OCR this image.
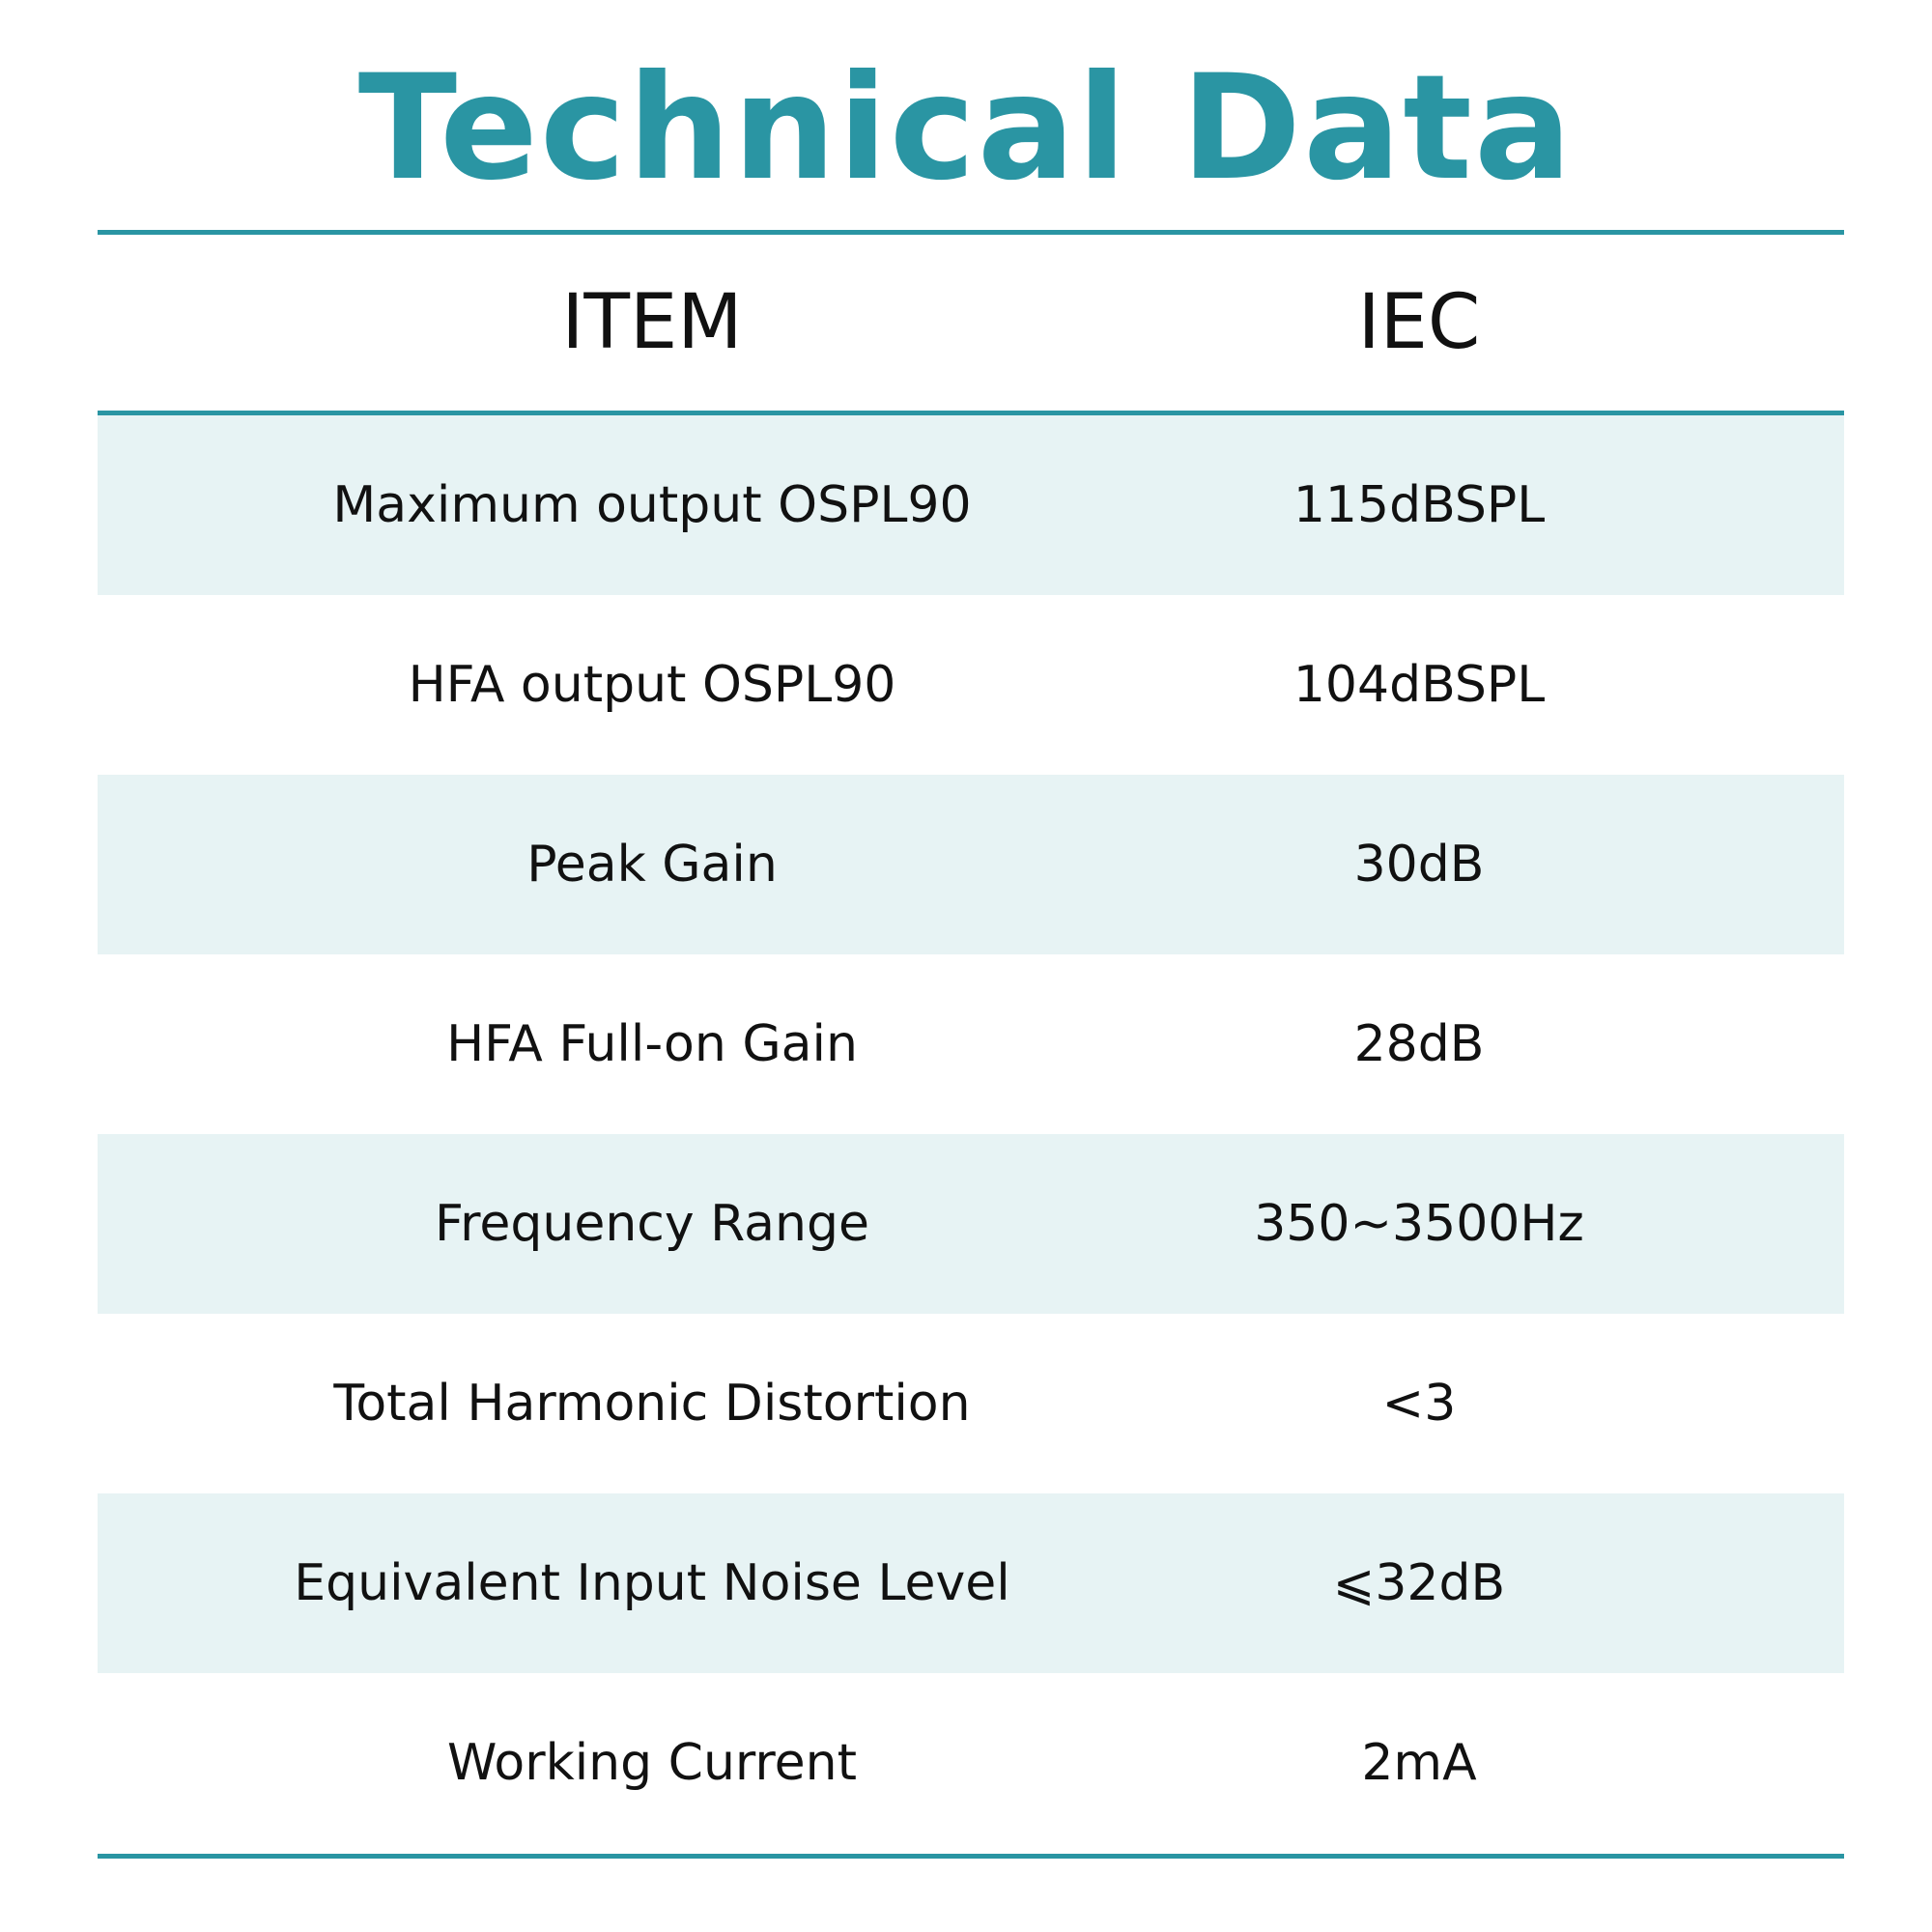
Technical Data
ITEM	IEC
Maximum output OSPL90	115dBSPL
HFA output OSPL90	104dBSPL
Peak Gain	30dB
HFA Full-on Gain	28dB
Frequency Range	350~3500Hz
Total Harmonic Distortion	<3
Equivalent Input Noise Level	⩽32dB
Working Current	2mA
